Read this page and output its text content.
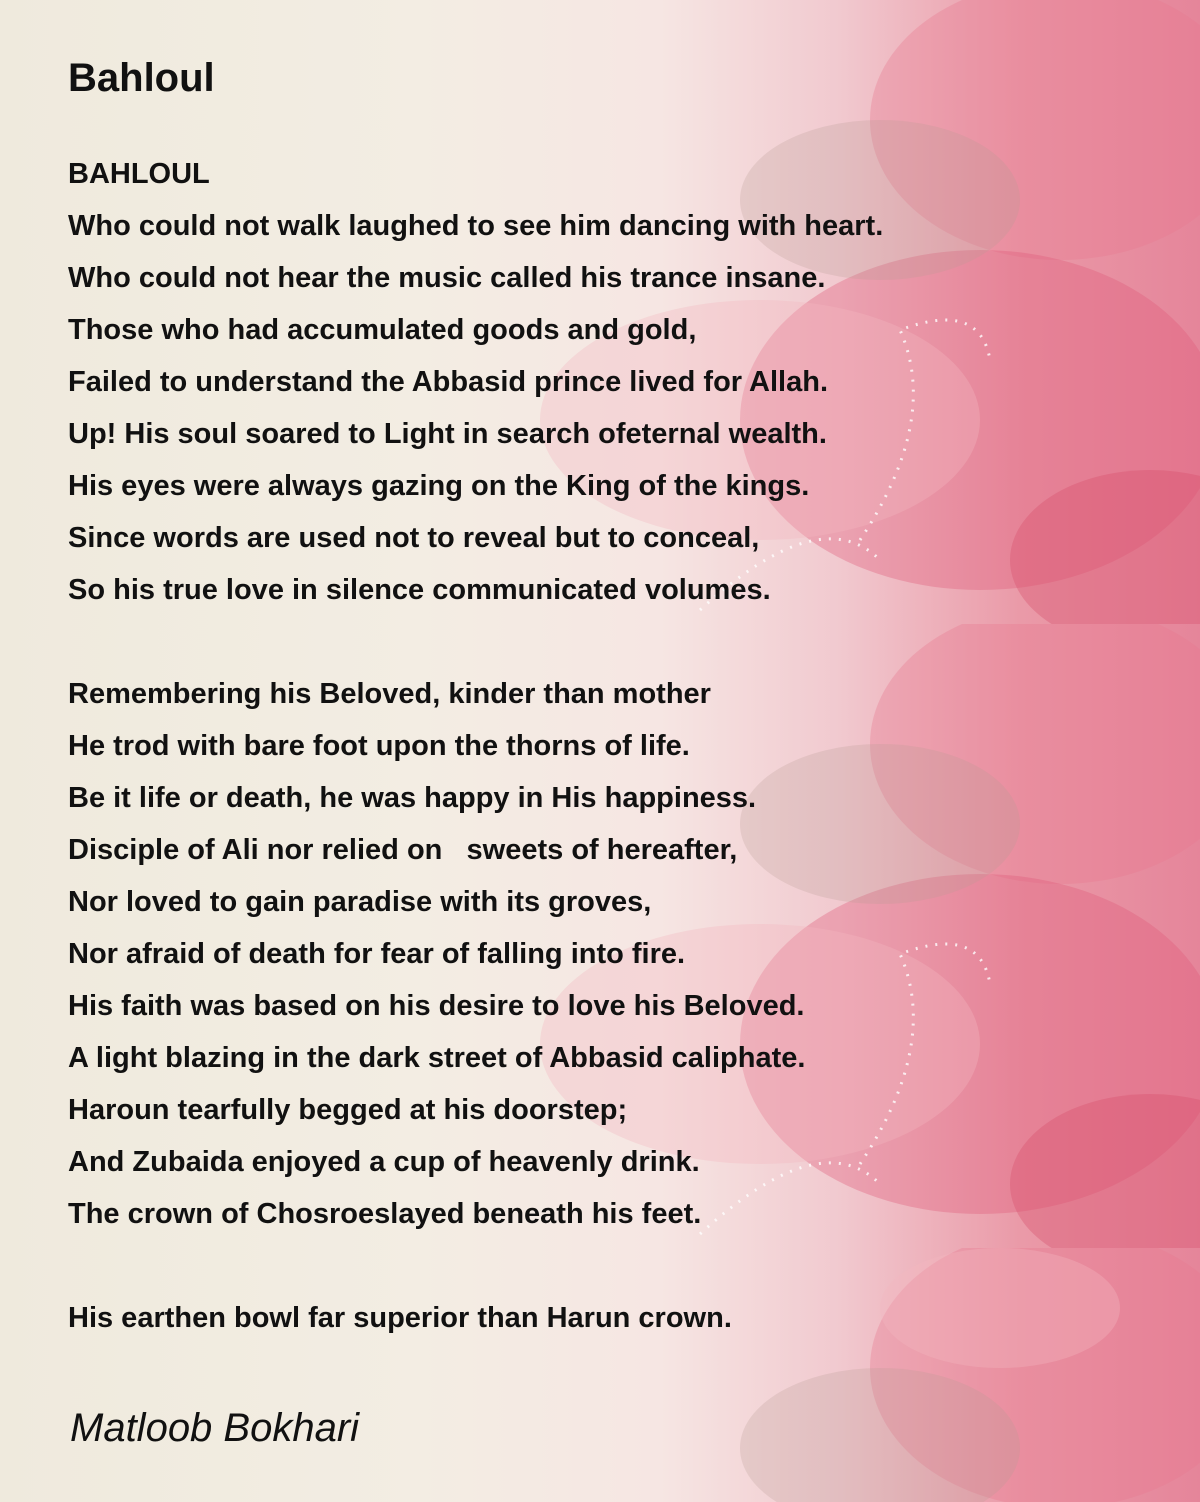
Bahloul
BAHLOUL
Who could not walk laughed to see him dancing with heart.
Who could not hear the music called his trance insane.
Those who had accumulated goods and gold,
Failed to understand the Abbasid prince lived for Allah.
Up! His soul soared to Light in search ofeternal wealth.
His eyes were always gazing on the King of the kings.
Since words are used not to reveal but to conceal,
So his true love in silence communicated volumes.
Remembering his Beloved, kinder than mother
He trod with bare foot upon the thorns of life.
Be it life or death, he was happy in His happiness.
Disciple of Ali nor relied on   sweets of hereafter,
Nor loved to gain paradise with its groves,
Nor afraid of death for fear of falling into fire.
His faith was based on his desire to love his Beloved.
A light blazing in the dark street of Abbasid caliphate.
Haroun tearfully begged at his doorstep;
And Zubaida enjoyed a cup of heavenly drink.
The crown of Chosroeslayed beneath his feet.
His earthen bowl far superior than Harun crown.
Matloob Bokhari
